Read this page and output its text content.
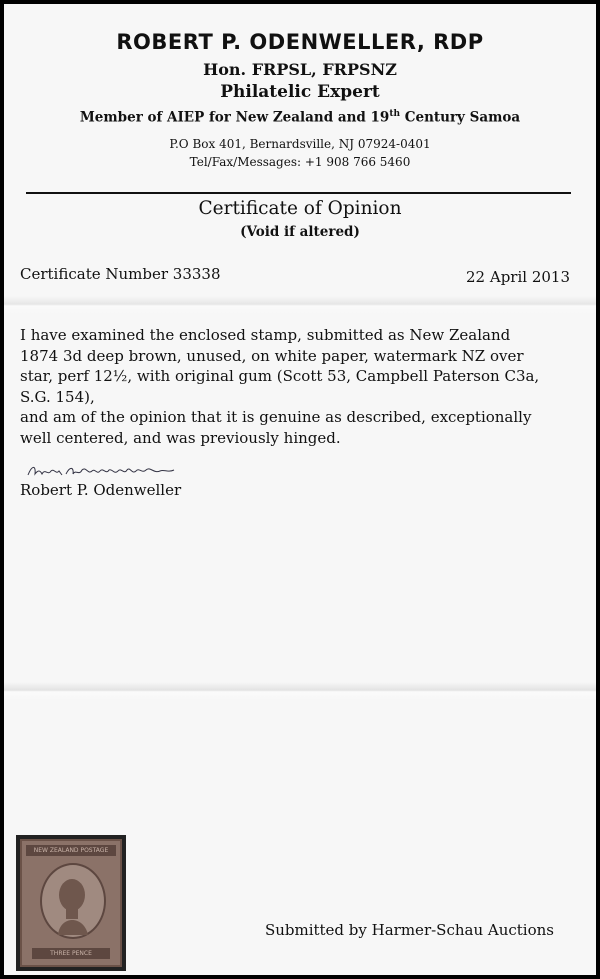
ROBERT P. ODENWELLER, RDP
Hon. FRPSL, FRPSNZ
Philatelic Expert
Member of AIEP for New Zealand and 19th Century Samoa
P.O Box 401, Bernardsville, NJ 07924-0401
Tel/Fax/Messages: +1 908 766 5460
Certificate of Opinion
(Void if altered)
Certificate Number 33338	22 April 2013
I have examined the enclosed stamp, submitted as New Zealand
1874 3d deep brown, unused, on white paper, watermark NZ over
star, perf 12½, with original gum (Scott 53, Campbell Paterson C3a,
S.G. 154),
and am of the opinion that it is genuine as described, exceptionally
well centered, and was previously hinged.
Robert P. Odenweller
NEW ZEALAND POSTAGE
THREE PENCE
Submitted by Harmer-Schau Auctions
